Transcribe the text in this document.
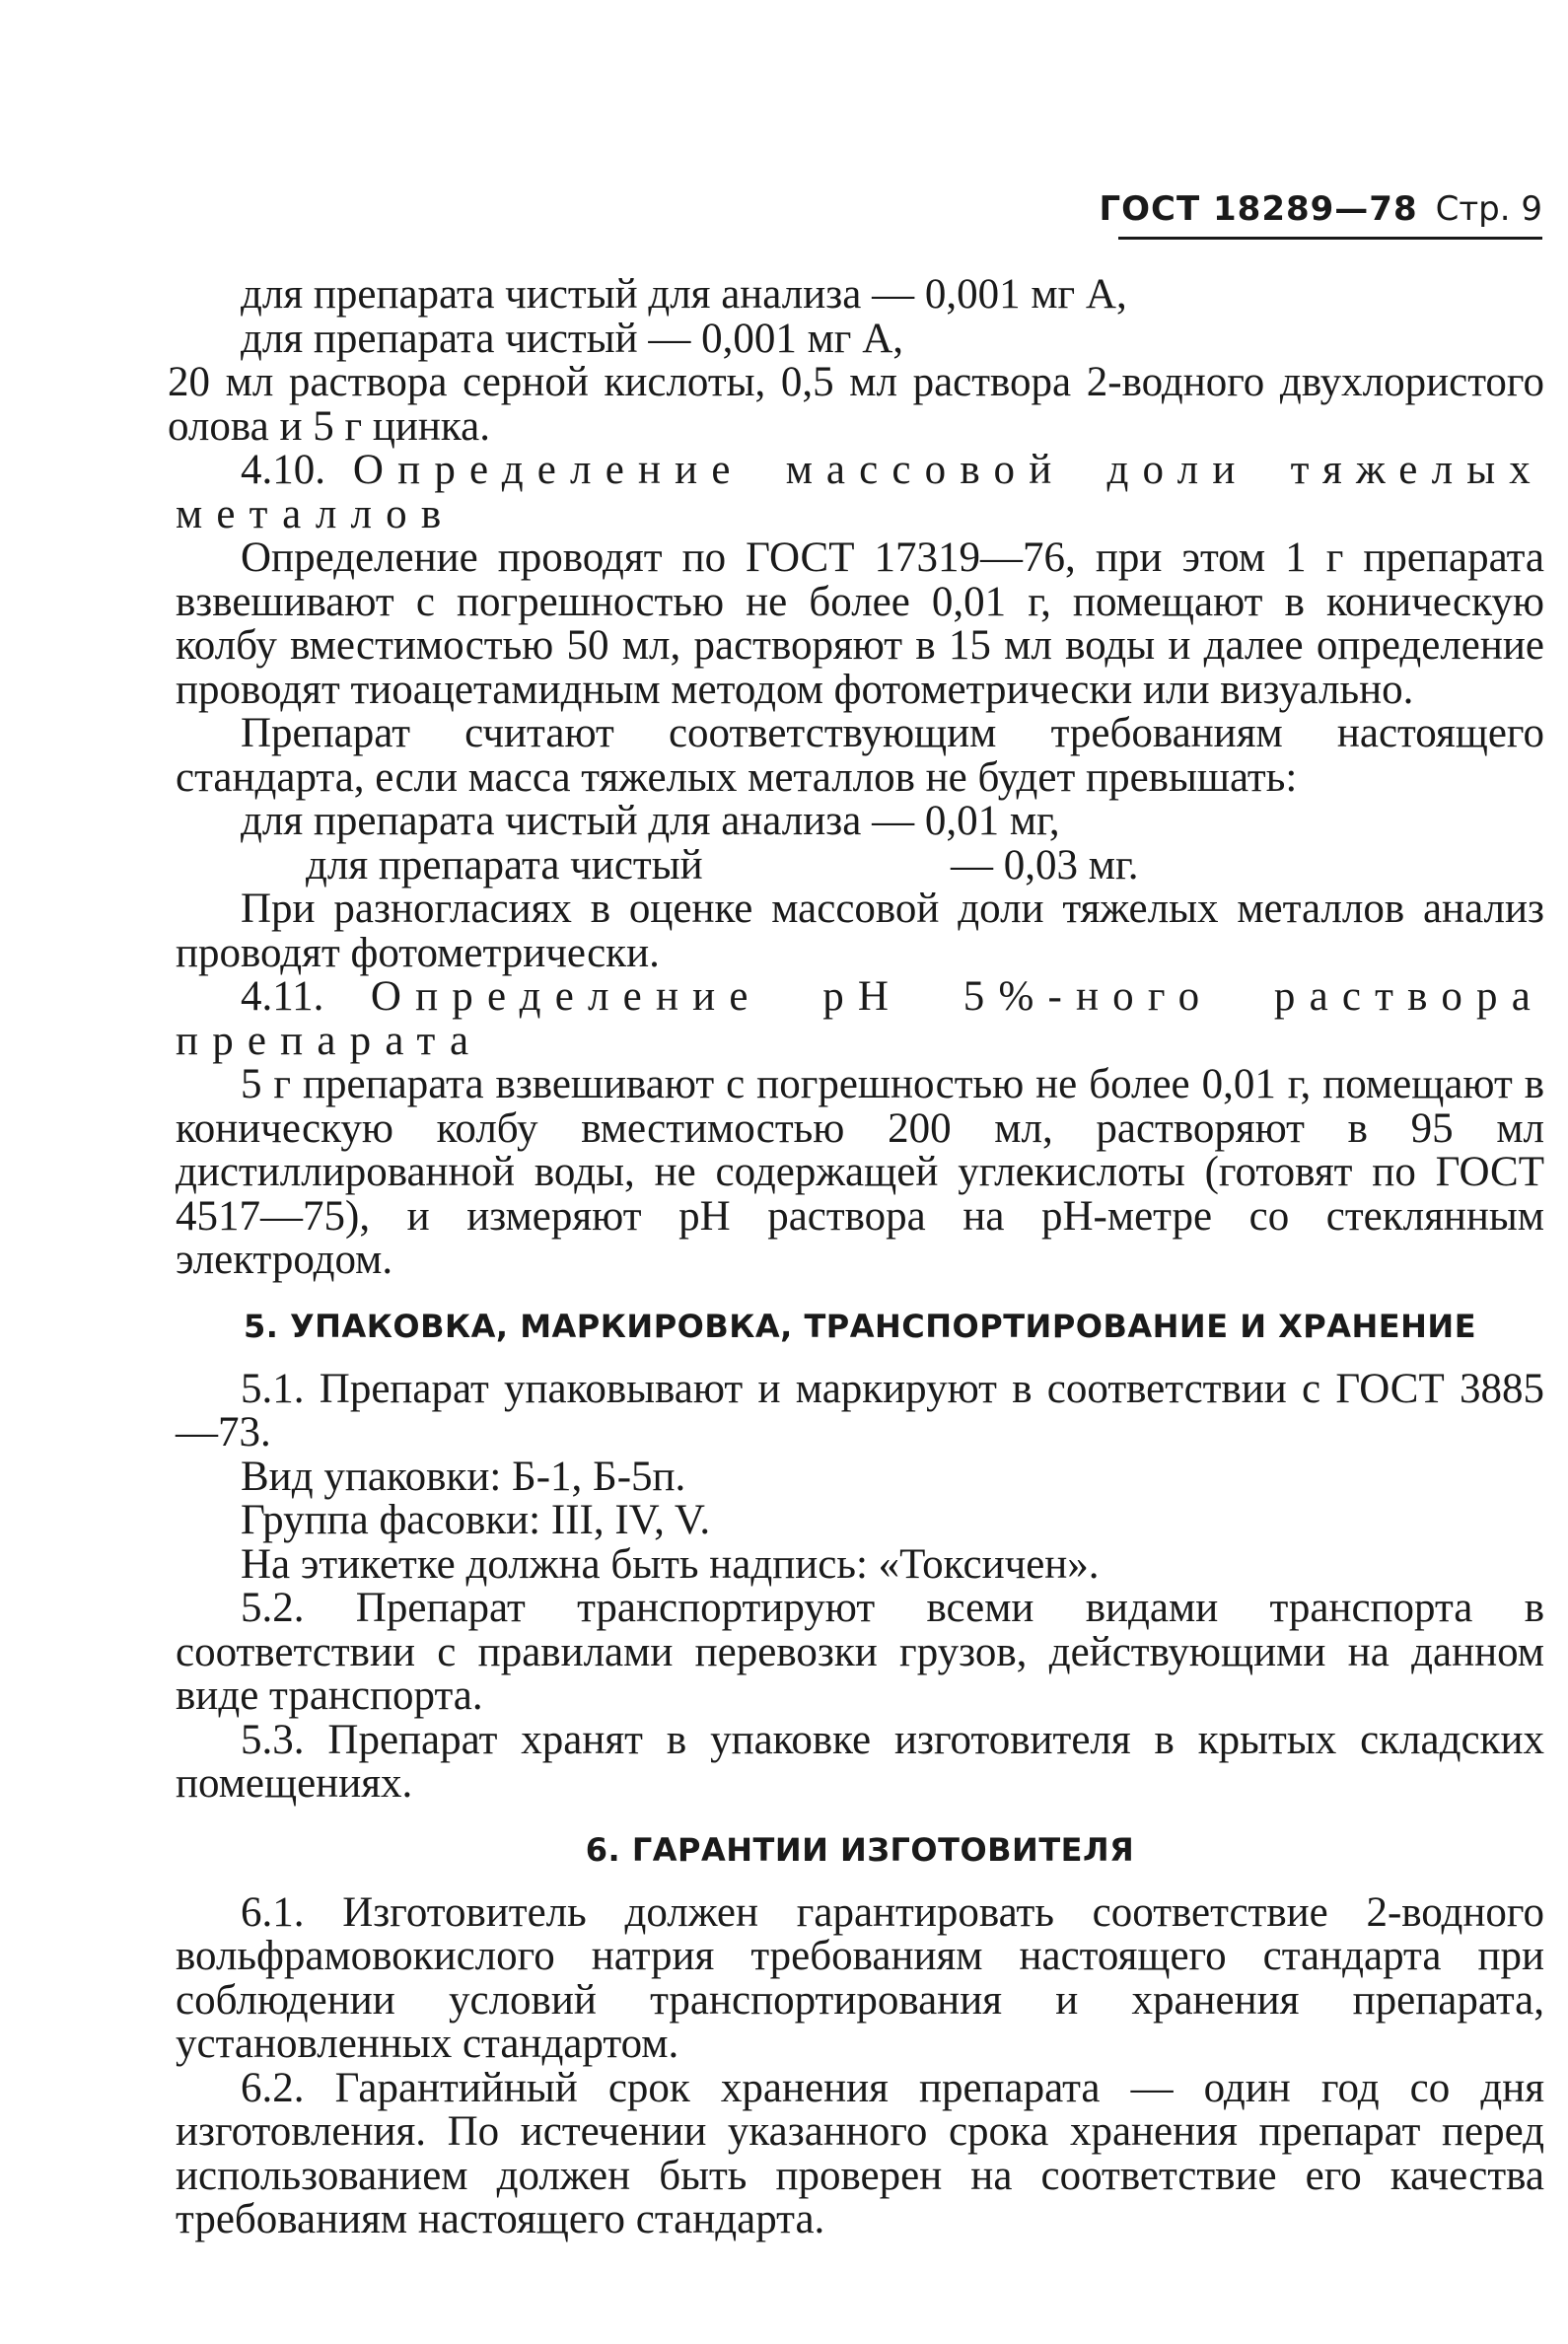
ГОСТ 18289—78 Стр. 9

для препарата чистый для анализа — 0,001 мг А,

для препарата чистый — 0,001 мг А,

20 мл раствора серной кислоты, 0,5 мл раствора 2-водного двухлористого олова и 5 г цинка.

4.10. Определение массовой доли тяжелых металлов

Определение проводят по ГОСТ 17319—76, при этом 1 г препарата взвешивают с погрешностью не более 0,01 г, помещают в коническую колбу вместимостью 50 мл, растворяют в 15 мл воды и далее определение проводят тиоацетамидным методом фотометрически или визуально.

Препарат считают соответствующим требованиям настоящего стандарта, если масса тяжелых металлов не будет превышать:

для препарата чистый для анализа — 0,01 мг,

для препарата чистый	— 0,03 мг.

При разногласиях в оценке массовой доли тяжелых металлов анализ проводят фотометрически.

4.11. Определение pH 5%-ного раствора препарата

5 г препарата взвешивают с погрешностью не более 0,01 г, помещают в коническую колбу вместимостью 200 мл, растворяют в 95 мл дистиллированной воды, не содержащей углекислоты (готовят по ГОСТ 4517—75), и измеряют pH раствора на pH-метре со стеклянным электродом.

5. УПАКОВКА, МАРКИРОВКА, ТРАНСПОРТИРОВАНИЕ И ХРАНЕНИЕ

5.1. Препарат упаковывают и маркируют в соответствии с ГОСТ 3885—73.

Вид упаковки: Б-1, Б-5п.

Группа фасовки: III, IV, V.

На этикетке должна быть надпись: «Токсичен».

5.2. Препарат транспортируют всеми видами транспорта в соответствии с правилами перевозки грузов, действующими на данном виде транспорта.

5.3. Препарат хранят в упаковке изготовителя в крытых складских помещениях.

6. ГАРАНТИИ ИЗГОТОВИТЕЛЯ

6.1. Изготовитель должен гарантировать соответствие 2-водного вольфрамовокислого натрия требованиям настоящего стандарта при соблюдении условий транспортирования и хранения препарата, установленных стандартом.

6.2. Гарантийный срок хранения препарата — один год со дня изготовления. По истечении указанного срока хранения препарат перед использованием должен быть проверен на соответствие его качества требованиям настоящего стандарта.
